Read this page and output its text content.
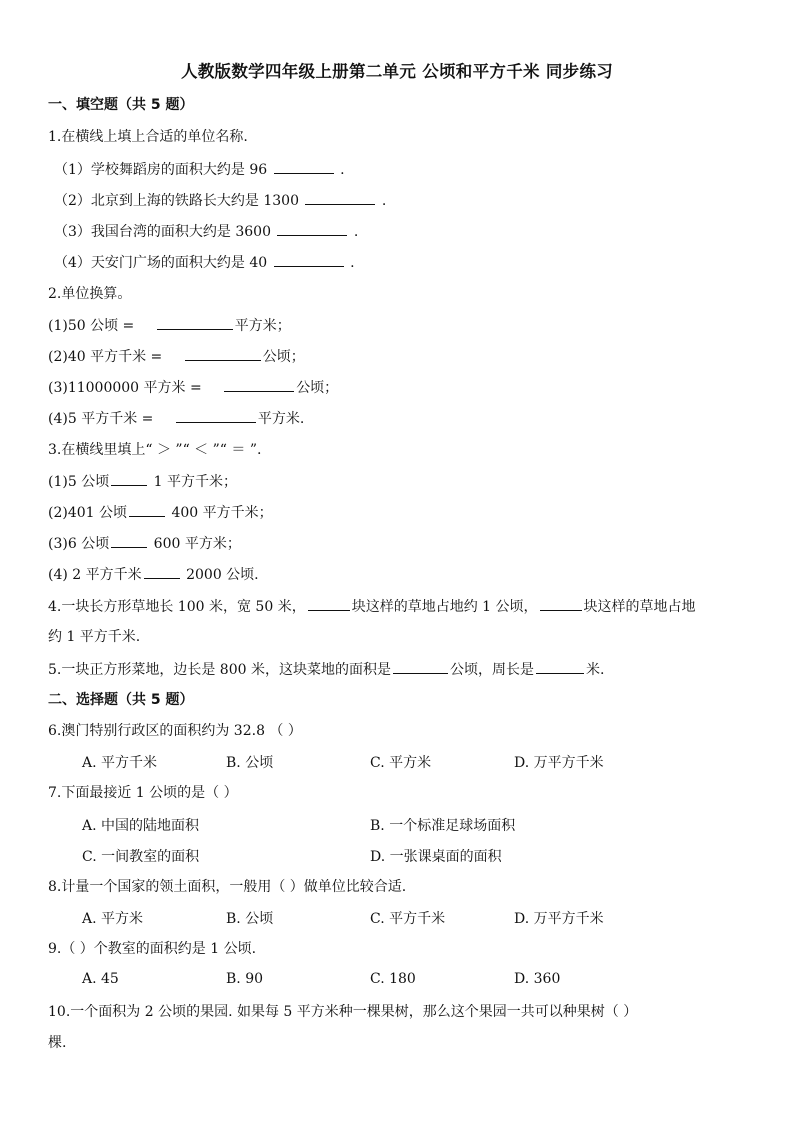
人教版数学四年级上册第二单元 公顷和平方千米 同步练习
一、填空题（共 5 题）
1.在横线上填上合适的单位名称.
（1）学校舞蹈房的面积大约是 96	.
（2）北京到上海的铁路长大约是 1300	.
（3）我国台湾的面积大约是 3600	.
（4）天安门广场的面积大约是 40	.
2.单位换算。
(1)50 公顷 =	平方米；
(2)40 平方千米 =	公顷；
(3)11000000 平方米 =	公顷；
(4)5 平方千米 =	平方米.
3.在横线里填上“ ＞ ”“ ＜ ”“ ＝ ”.
(1)5 公顷	1 平方千米；
(2)401 公顷	400 平方千米；
(3)6 公顷	600 平方米；
(4) 2 平方千米	2000 公顷.
4.一块长方形草地长 100 米，宽 50 米，	块这样的草地占地约 1 公顷，	块这样的草地占地
约 1 平方千米.
5.一块正方形菜地，边长是 800 米，这块菜地的面积是	公顷，周长是	米.
二、选择题（共 5 题）
6.澳门特别行政区的面积约为 32.8 （ ）
A. 平方千米	B. 公顷	C. 平方米	D. 万平方千米
7.下面最接近 1 公顷的是（ ）
A. 中国的陆地面积	B. 一个标准足球场面积
C. 一间教室的面积	D. 一张课桌面的面积
8.计量一个国家的领土面积，一般用（ ）做单位比较合适.
A. 平方米	B. 公顷	C. 平方千米	D. 万平方千米
9.（ ）个教室的面积约是 1 公顷.
A. 45	B. 90	C. 180	D. 360
10.一个面积为 2 公顷的果园. 如果每 5 平方米种一棵果树，那么这个果园一共可以种果树（ ）
棵.
